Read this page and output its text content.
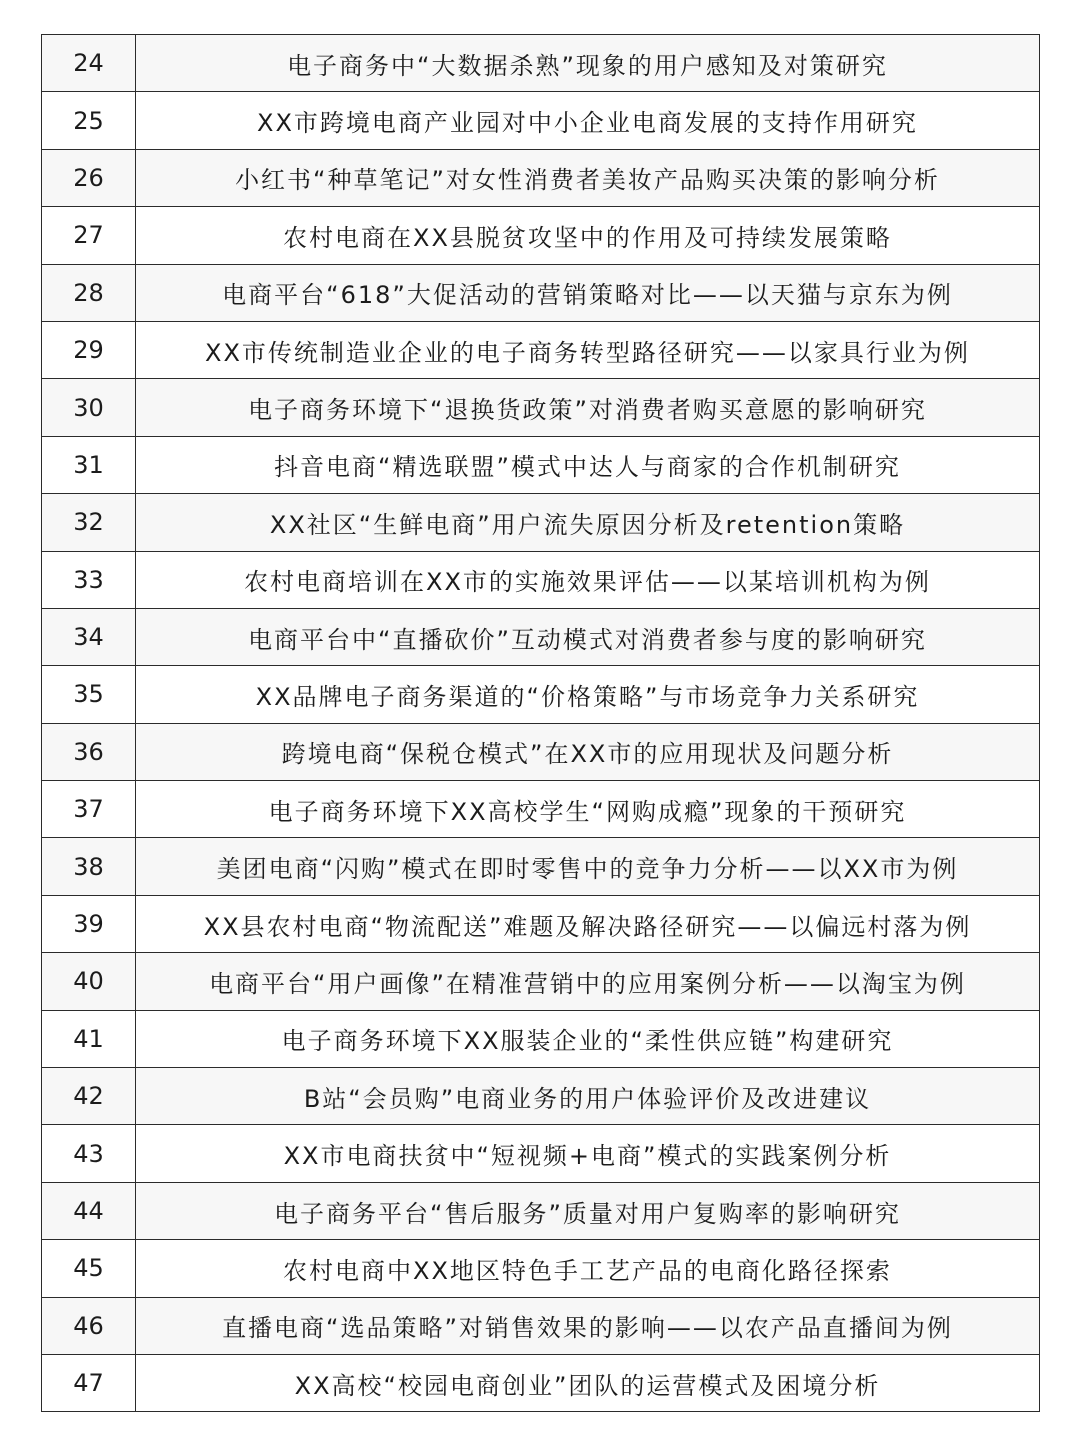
24	电子商务中“大数据杀熟”现象的用户感知及对策研究
25	XX市跨境电商产业园对中小企业电商发展的支持作用研究
26	小红书“种草笔记”对女性消费者美妆产品购买决策的影响分析
27	农村电商在XX县脱贫攻坚中的作用及可持续发展策略
28	电商平台“618”大促活动的营销策略对比——以天猫与京东为例
29	XX市传统制造业企业的电子商务转型路径研究——以家具行业为例
30	电子商务环境下“退换货政策”对消费者购买意愿的影响研究
31	抖音电商“精选联盟”模式中达人与商家的合作机制研究
32	XX社区“生鲜电商”用户流失原因分析及retention策略
33	农村电商培训在XX市的实施效果评估——以某培训机构为例
34	电商平台中“直播砍价”互动模式对消费者参与度的影响研究
35	XX品牌电子商务渠道的“价格策略”与市场竞争力关系研究
36	跨境电商“保税仓模式”在XX市的应用现状及问题分析
37	电子商务环境下XX高校学生“网购成瘾”现象的干预研究
38	美团电商“闪购”模式在即时零售中的竞争力分析——以XX市为例
39	XX县农村电商“物流配送”难题及解决路径研究——以偏远村落为例
40	电商平台“用户画像”在精准营销中的应用案例分析——以淘宝为例
41	电子商务环境下XX服装企业的“柔性供应链”构建研究
42	B站“会员购”电商业务的用户体验评价及改进建议
43	XX市电商扶贫中“短视频+电商”模式的实践案例分析
44	电子商务平台“售后服务”质量对用户复购率的影响研究
45	农村电商中XX地区特色手工艺产品的电商化路径探索
46	直播电商“选品策略”对销售效果的影响——以农产品直播间为例
47	XX高校“校园电商创业”团队的运营模式及困境分析
